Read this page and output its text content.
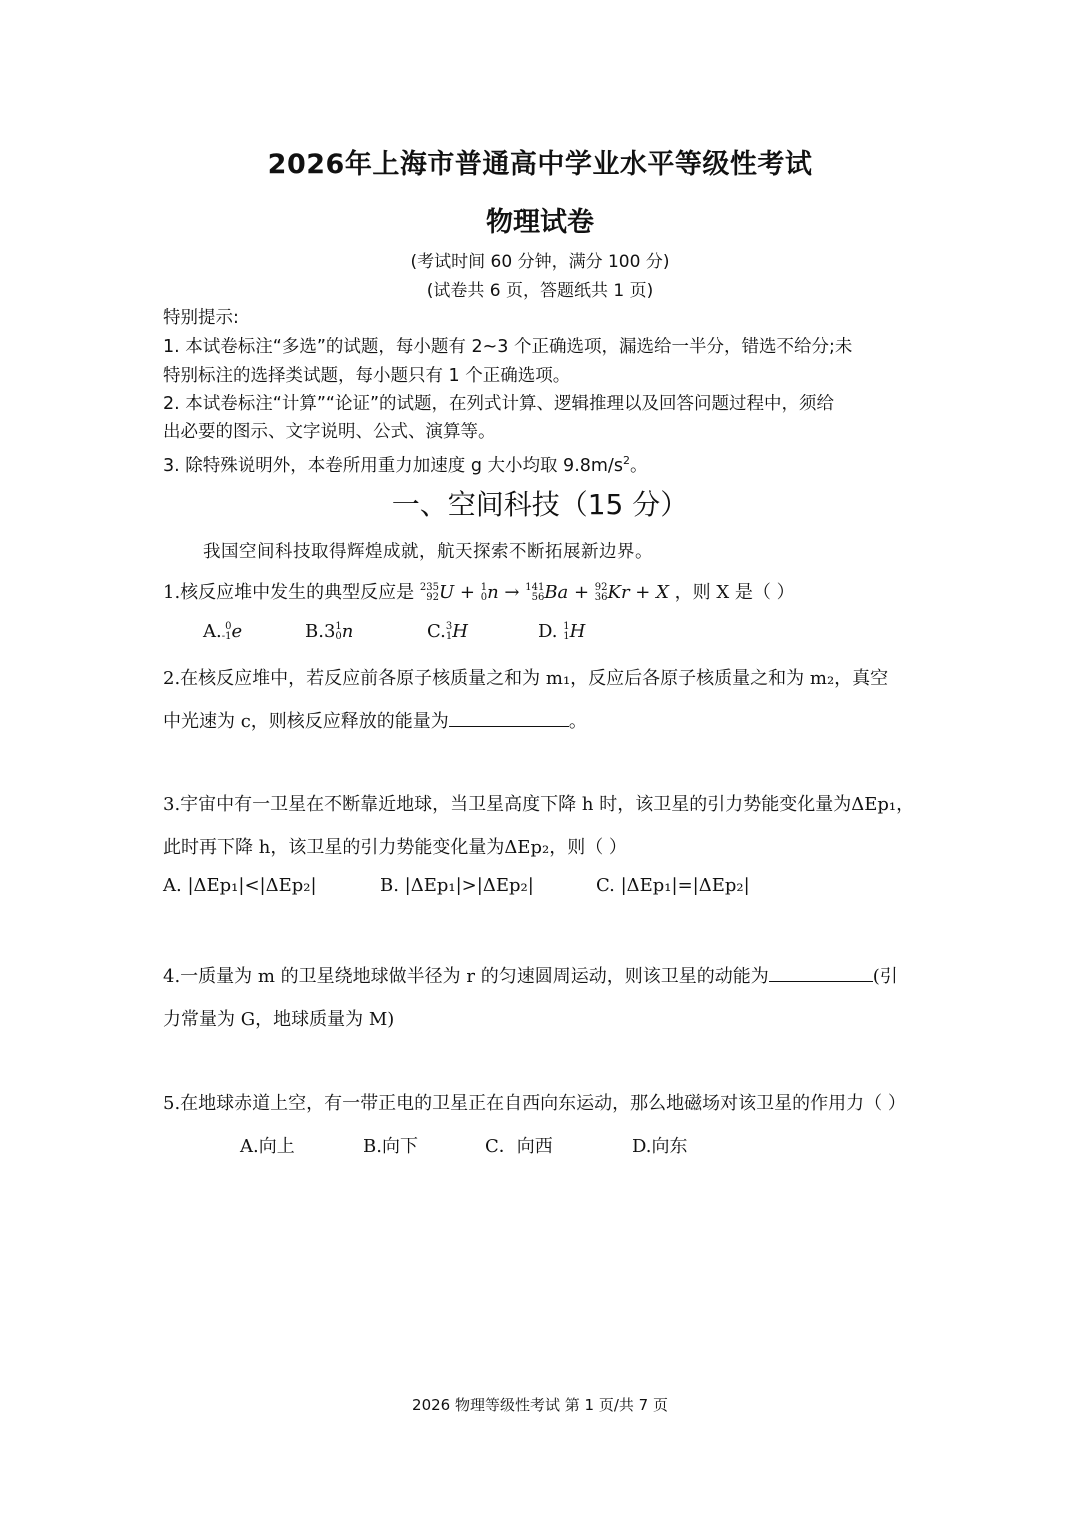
2026年上海市普通高中学业水平等级性考试
物理试卷
(考试时间 60 分钟，满分 100 分)
(试卷共 6 页，答题纸共 1 页)
特别提示:
1. 本试卷标注“多选”的试题，每小题有 2~3 个正确选项，漏选给一半分，错选不给分;未
特别标注的选择类试题，每小题只有 1 个正确选项。
2. 本试卷标注“计算”“论证”的试题，在列式计算、逻辑推理以及回答问题过程中，须给
出必要的图示、文字说明、公式、演算等。
3. 除特殊说明外，本卷所用重力加速度 g 大小均取 $9.8m/s^2$。
一、空间科技（15 分）
我国空间科技取得辉煌成就，航天探索不断拓展新边界。
1.核反应堆中发生的典型反应是 235
92U + 1
0n → 141
56Ba + 92
36Kr + X ，则 X 是（ ）
A. 0
-1e	B.31
0n	C.3
1H	D. 1
1H
2.在核反应堆中，若反应前各原子核质量之和为 m₁，反应后各原子核质量之和为 m₂，真空
中光速为 c，则核反应释放的能量为	。
3.宇宙中有一卫星在不断靠近地球，当卫星高度下降 h 时，该卫星的引力势能变化量为ΔEp₁，
此时再下降 h，该卫星的引力势能变化量为ΔEp₂，则（ ）
A. |ΔEp₁|<|ΔEp₂|	B. |ΔEp₁|>|ΔEp₂|	C. |ΔEp₁|=|ΔEp₂|
4.一质量为 m 的卫星绕地球做半径为 r 的匀速圆周运动，则该卫星的动能为	(引
力常量为 G，地球质量为 M)
5.在地球赤道上空，有一带正电的卫星正在自西向东运动，那么地磁场对该卫星的作用力（ ）
A.向上	B.向下	C．向西	D.向东
2026 物理等级性考试 第 1 页/共 7 页
